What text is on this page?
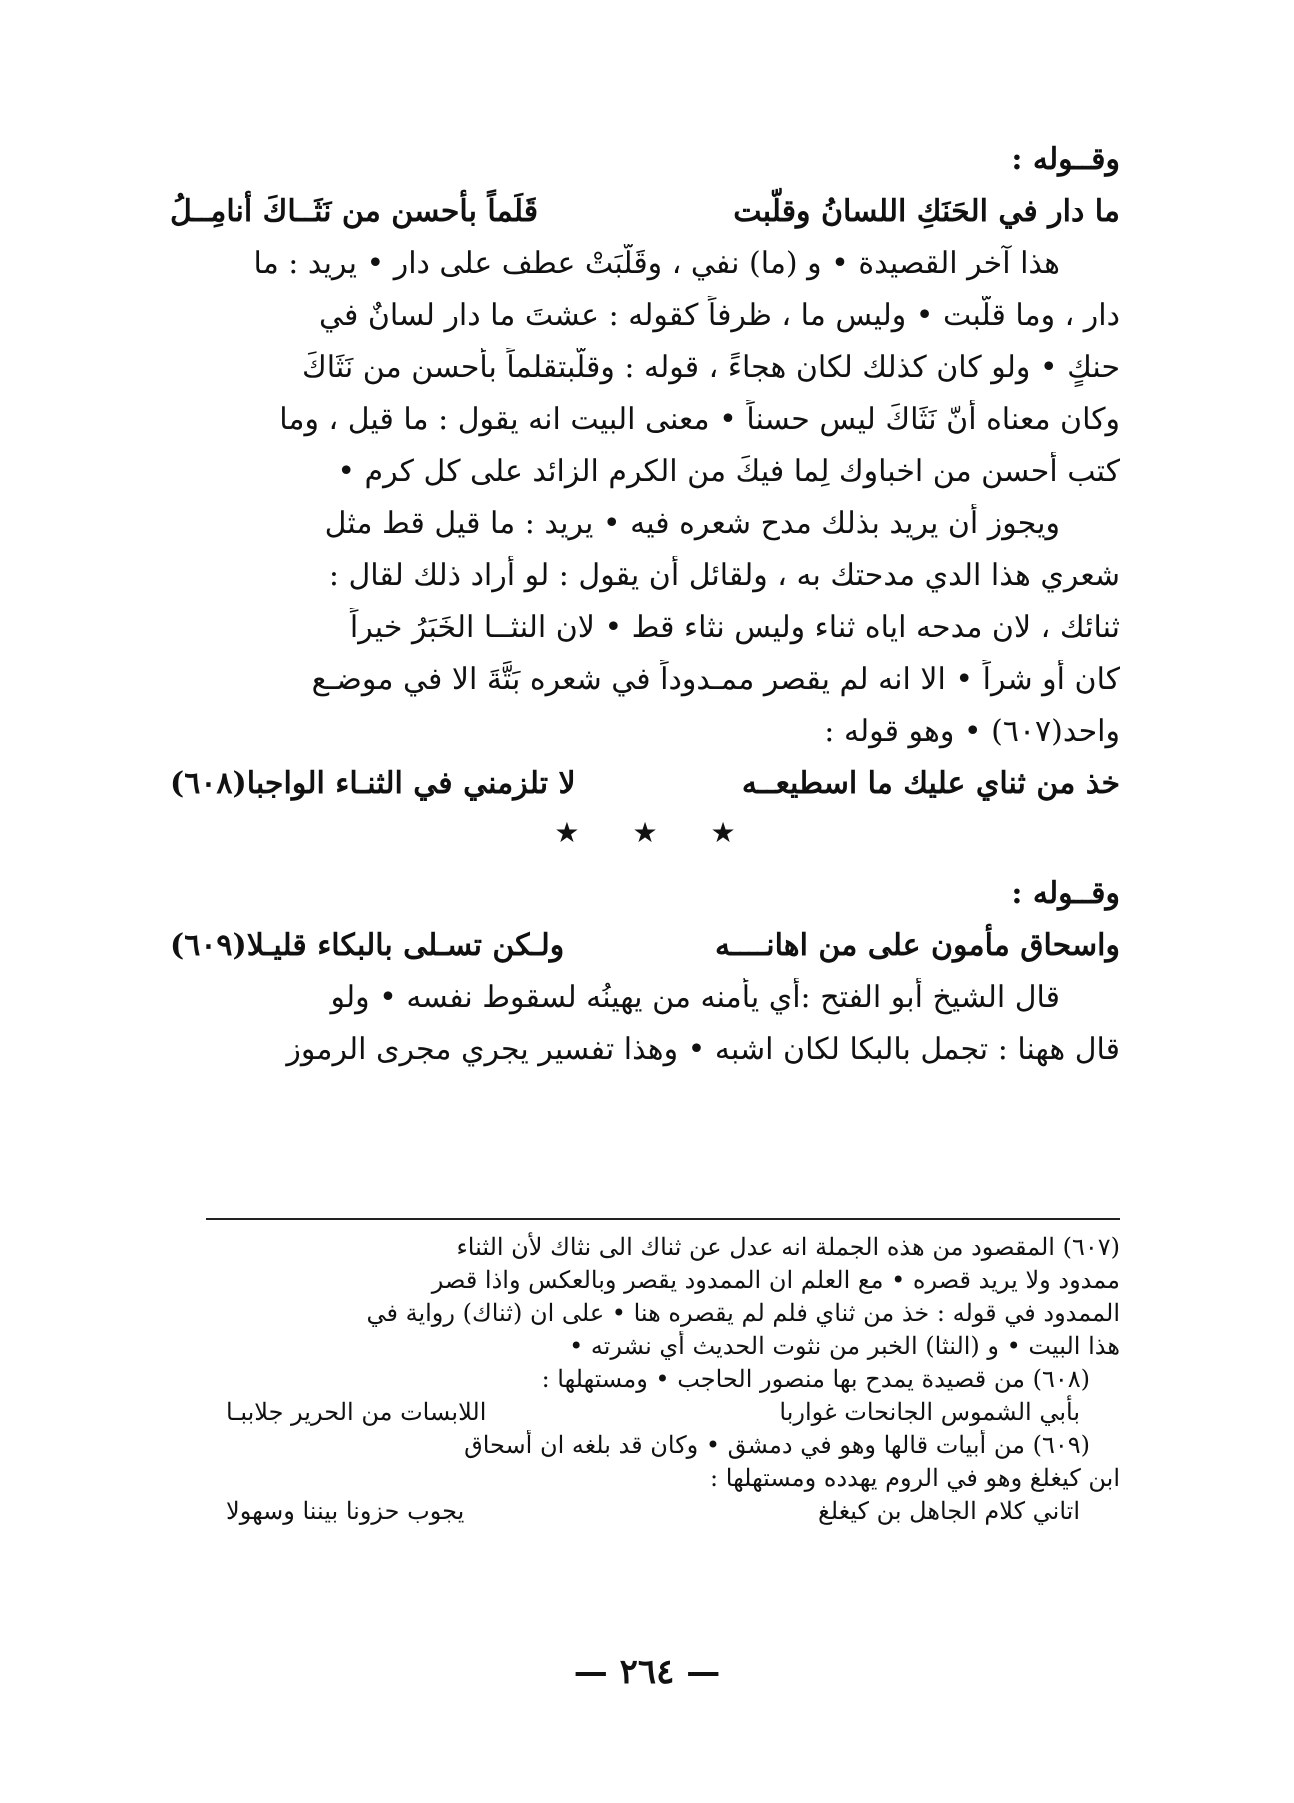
وقــوله :
ما دار في الحَنَكِ اللسانُ وقلّبت
قَلَماً بأحسن من نَثَــاكَ أنامِــلُ
هذا آخر القصيدة • و (ما) نفي ، وقَلَّبَتْ عطف على دار • يريد : ما
دار ، وما قلّبت • وليس ما ، ظرفاً كقوله : عشتَ ما دار لسانٌ في
حنكٍ • ولو كان كذلك لكان هجاءً ، قوله : وقلّبتقلماً بأحسن من نَثَاكَ
وكان معناه أنّ نَثَاكَ ليس حسناً • معنى البيت انه يقول : ما قيل ، وما
كتب أحسن من اخباوك لِما فيكَ من الكرم الزائد على كل كرم •
ويجوز أن يريد بذلك مدح شعره فيه • يريد : ما قيل قط مثل
شعري هذا الدي مدحتك به ، ولقائل أن يقول : لو أراد ذلك لقال :
ثنائك ، لان مدحه اياه ثناء وليس نثاء قط • لان النثــا الخَبَرُ خيراً
كان أو شراً • الا انه لم يقصر ممـدوداً في شعره بَتَّةَ الا في موضـع
واحد(٦٠٧) • وهو قوله :
خذ من ثناي عليك ما اسطيعــه
لا تلزمني في الثنـاء الواجبا(٦٠٨)
★ ★ ★
وقــوله :
واسحاق مأمون على من اهانــــه
ولـكن تسـلى بالبكاء قليـلا(٦٠٩)
قال الشيخ أبو الفتح :أي يأمنه من يهينُه لسقوط نفسه • ولو
قال ههنا : تجمل بالبكا لكان اشبه • وهذا تفسير يجري مجرى الرموز
(٦٠٧) المقصود من هذه الجملة انه عدل عن ثناك الى نثاك لأن الثناء
ممدود ولا يريد قصره • مع العلم ان الممدود يقصر وبالعكس واذا قصر
الممدود في قوله : خذ من ثناي فلم لم يقصره هنا • على ان (ثناك) رواية في
هذا البيت • و (النثا) الخبر من نثوت الحديث أي نشرته •
(٦٠٨) من قصيدة يمدح بها منصور الحاجب • ومستهلها :
بأبي الشموس الجانحات غواربا
اللابسات من الحرير جلاببـا
(٦٠٩) من أبيات قالها وهو في دمشق • وكان قد بلغه ان أسحاق
ابن كيغلغ وهو في الروم يهدده ومستهلها :
اتاني كلام الجاهل بن كيغلغ
يجوب حزونا بيننا وسهولا
— ٢٦٤ —
